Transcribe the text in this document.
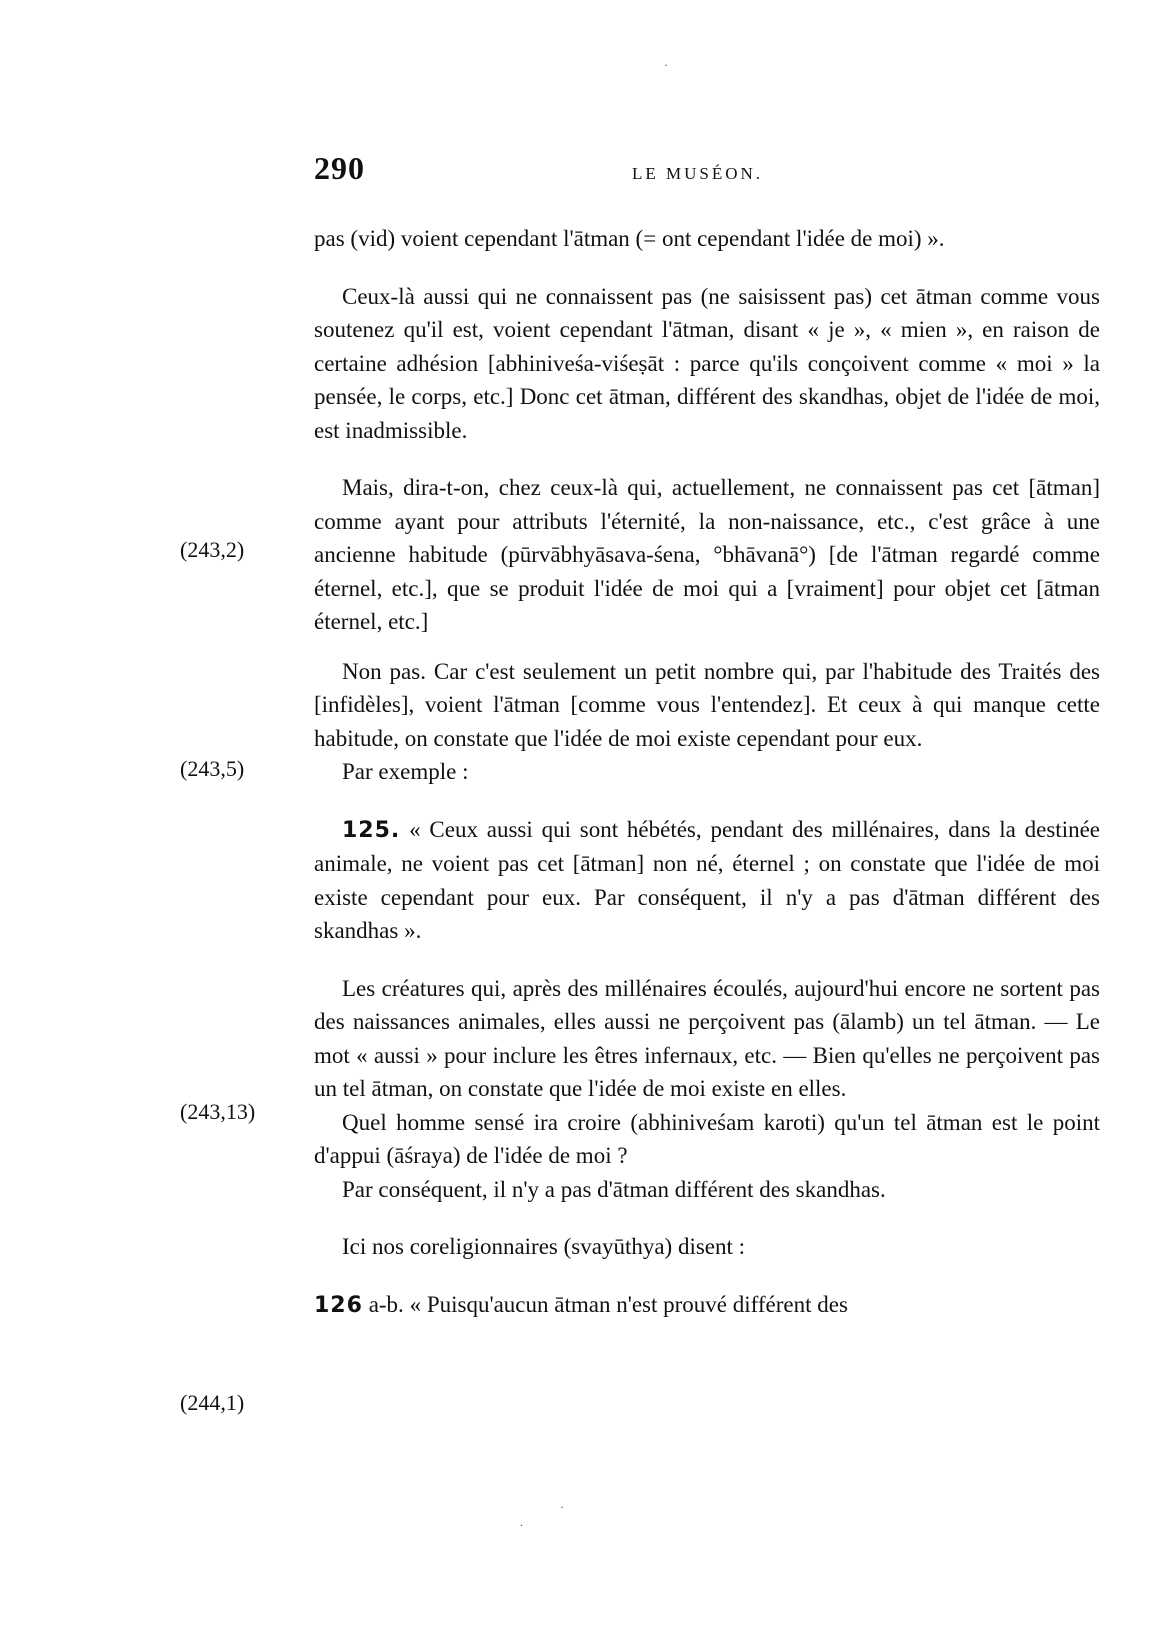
290	LE MUSÉON.
(243,2)
(243,5)
(243,13)
(244,1)

pas (vid) voient cependant l'ātman (= ont cependant l'idée de moi) ».

Ceux-là aussi qui ne connaissent pas (ne saisissent pas) cet ātman comme vous soutenez qu'il est, voient cependant l'ātman, disant « je », « mien », en raison de certaine adhésion [abhiniveśa-viśeṣāt : parce qu'ils conçoivent comme « moi » la pensée, le corps, etc.] Donc cet ātman, différent des skandhas, objet de l'idée de moi, est inadmissible.

Mais, dira-t-on, chez ceux-là qui, actuellement, ne connaissent pas cet [ātman] comme ayant pour attributs l'éternité, la non-naissance, etc., c'est grâce à une ancienne habitude (pūrvābhyāsava-śena, °bhāvanā°) [de l'ātman regardé comme éternel, etc.], que se produit l'idée de moi qui a [vraiment] pour objet cet [ātman éternel, etc.]

Non pas. Car c'est seulement un petit nombre qui, par l'habitude des Traités des [infidèles], voient l'ātman [comme vous l'entendez]. Et ceux à qui manque cette habitude, on constate que l'idée de moi existe cependant pour eux.

Par exemple :

125. « Ceux aussi qui sont hébétés, pendant des millénaires, dans la destinée animale, ne voient pas cet [ātman] non né, éternel ; on constate que l'idée de moi existe cependant pour eux. Par conséquent, il n'y a pas d'ātman différent des skandhas ».

Les créatures qui, après des millénaires écoulés, aujourd'hui encore ne sortent pas des naissances animales, elles aussi ne perçoivent pas (ālamb) un tel ātman. — Le mot « aussi » pour inclure les êtres infernaux, etc. — Bien qu'elles ne perçoivent pas un tel ātman, on constate que l'idée de moi existe en elles.

Quel homme sensé ira croire (abhiniveśam karoti) qu'un tel ātman est le point d'appui (āśraya) de l'idée de moi ?

Par conséquent, il n'y a pas d'ātman différent des skandhas.

Ici nos coreligionnaires (svayūthya) disent :

126 a-b. « Puisqu'aucun ātman n'est prouvé différent des

·
.
·
